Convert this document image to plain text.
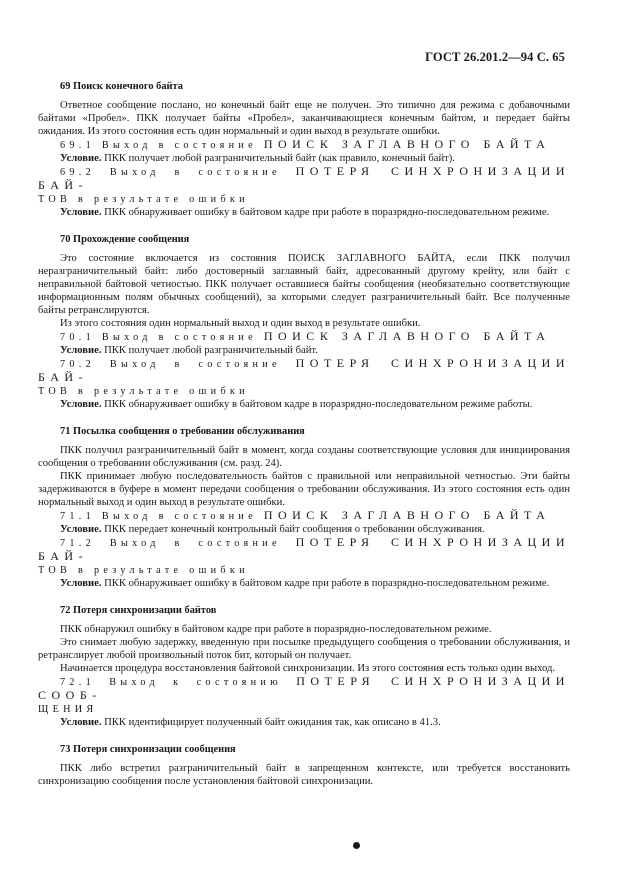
ГОСТ 26.201.2—94 С. 65

69 Поиск конечного байта

Ответное сообщение послано, но конечный байт еще не получен. Это типично для режима с добавочными байтами «Пробел». ПКК получает байты «Пробел», заканчивающиеся конечным байтом, и передает байты ожидания. Из этого состояния есть один нормальный и один выход в результате ошибки.

69.1 Выход в состояние ПОИСК ЗАГЛАВНОГО БАЙТА

Условие. ПКК получает любой разграничительный байт (как правило, конечный байт).

69.2 Выход в состояние ПОТЕРЯ СИНХРОНИЗАЦИИ БАЙ-

ТОВ в результате ошибки

Условие. ПКК обнаруживает ошибку в байтовом кадре при работе в поразрядно-последовательном режиме.

70 Прохождение сообщения

Это состояние включается из состояния ПОИСК ЗАГЛАВНОГО БАЙТА, если ПКК получил неразграничительный байт: либо достоверный заглавный байт, адресованный другому крейту, или байт с неправильной байтовой четностью. ПКК получает оставшиеся байты сообщения (необязательно соответствующие информационным полям обычных сообщений), за которыми следует разграничительный байт. Все полученные байты ретранслируются.

Из этого состояния один нормальный выход и один выход в результате ошибки.

70.1 Выход в состояние ПОИСК ЗАГЛАВНОГО БАЙТА

Условие. ПКК получает любой разграничительный байт.

70.2 Выход в состояние ПОТЕРЯ СИНХРОНИЗАЦИИ БАЙ-

ТОВ в результате ошибки

Условие. ПКК обнаруживает ошибку в байтовом кадре в поразрядно-последовательном режиме работы.

71 Посылка сообщения о требовании обслуживания

ПКК получил разграничительный байт в момент, когда созданы соответствующие условия для инициирования сообщения о требовании обслуживания (см. разд. 24).

ПКК принимает любую последовательность байтов с правильной или неправильной четностью. Эти байты задерживаются в буфере в момент передачи сообщения о требовании обслуживания. Из этого состояния есть один нормальный выход и один выход в результате ошибки.

71.1 Выход в состояние ПОИСК ЗАГЛАВНОГО БАЙТА

Условие. ПКК передает конечный контрольный байт сообщения о требовании обслуживания.

71.2 Выход в состояние ПОТЕРЯ СИНХРОНИЗАЦИИ БАЙ-

ТОВ в результате ошибки

Условие. ПКК обнаруживает ошибку в байтовом кадре при работе в поразрядно-последовательном режиме.

72 Потеря синхронизации байтов

ПКК обнаружил ошибку в байтовом кадре при работе в поразрядно-последовательном режиме.

Это снимает любую задержку, введенную при посылке предыдущего сообщения о требовании обслуживания, и ретранслирует любой произвольный поток бит, который он получает.

Начинается процедура восстановления байтовой синхронизации. Из этого состояния есть только один выход.

72.1 Выход к состоянию ПОТЕРЯ СИНХРОНИЗАЦИИ СООБ-

ЩЕНИЯ

Условие. ПКК идентифицирует полученный байт ожидания так, как описано в 41.3.

73 Потеря синхронизации сообщения

ПКК либо встретил разграничительный байт в запрещенном контексте, или требуется восстановить синхронизацию сообщения после установления байтовой синхронизации.
